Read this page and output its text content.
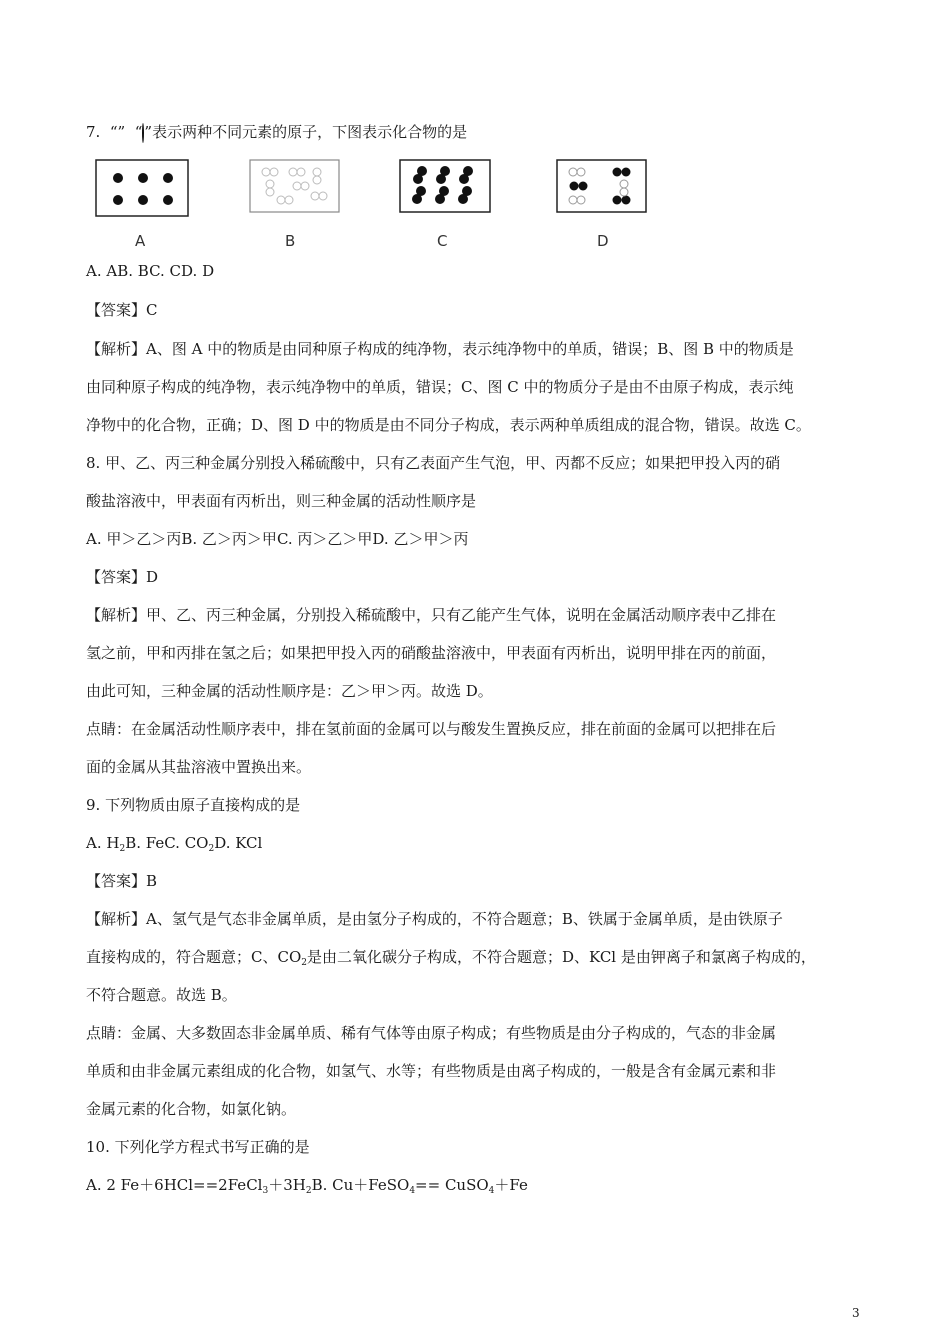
7. “” “ ”表示两种不同元素的原子，下图表示化合物的是
A	B	C	D
A. AB. BC. CD. D
【答案】C
【解析】A、图 A 中的物质是由同种原子构成的纯净物，表示纯净物中的单质，错误；B、图 B 中的物质是
由同种原子构成的纯净物，表示纯净物中的单质，错误；C、图 C 中的物质分子是由不由原子构成，表示纯
净物中的化合物，正确；D、图 D 中的物质是由不同分子构成，表示两种单质组成的混合物，错误。故选 C。
8. 甲、乙、丙三种金属分别投入稀硫酸中，只有乙表面产生气泡，甲、丙都不反应；如果把甲投入丙的硝
酸盐溶液中，甲表面有丙析出，则三种金属的活动性顺序是
A. 甲＞乙＞丙B. 乙＞丙＞甲C. 丙＞乙＞甲D. 乙＞甲＞丙
【答案】D
【解析】甲、乙、丙三种金属，分别投入稀硫酸中，只有乙能产生气体，说明在金属活动顺序表中乙排在
氢之前，甲和丙排在氢之后；如果把甲投入丙的硝酸盐溶液中，甲表面有丙析出，说明甲排在丙的前面，
由此可知，三种金属的活动性顺序是：乙＞甲＞丙。故选 D。
点睛：在金属活动性顺序表中，排在氢前面的金属可以与酸发生置换反应，排在前面的金属可以把排在后
面的金属从其盐溶液中置换出来。
9. 下列物质由原子直接构成的是
A. $H_2B$. FeC. $CO_2D$. KCl
【答案】B
【解析】A、氢气是气态非金属单质，是由氢分子构成的，不符合题意；B、铁属于金属单质，是由铁原子
直接构成的，符合题意；C、$CO_2$是由二氧化碳分子构成，不符合题意；D、KCl 是由钾离子和氯离子构成的，
不符合题意。故选 B。
点睛：金属、大多数固态非金属单质、稀有气体等由原子构成；有些物质是由分子构成的，气态的非金属
单质和由非金属元素组成的化合物，如氢气、水等；有些物质是由离子构成的，一般是含有金属元素和非
金属元素的化合物，如氯化钠。
10. 下列化学方程式书写正确的是
A. 2 $Fe+6HCl==2FeCl_3+3H_2B$. Cu＋FeSO$_4$== CuSO$_4$＋Fe
3
